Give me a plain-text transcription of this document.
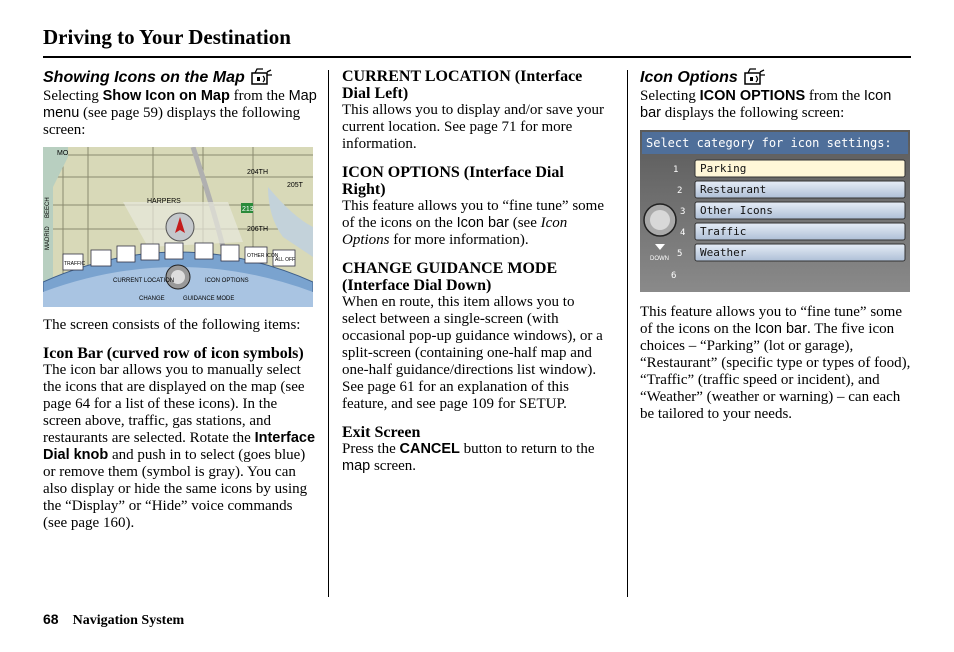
Driving to Your Destination
Showing Icons on the Map

Selecting Show Icon on Map from the Map menu (see page 59) displays the following screen:

213
MO
204TH
205T
HARPERS
206TH
BEECH
MADRID
TRAFFIC
OTHER ICON
ALL OFF
CURRENT LOCATION	ICON OPTIONS
CHANGE	GUIDANCE MODE

The screen consists of the following items:

Icon Bar (curved row of icon symbols)

The icon bar allows you to manually select the icons that are displayed on the map (see page 64 for a list of these icons). In the screen above, traffic, gas stations, and restaurants are selected. Rotate the Interface Dial knob and push in to select (goes blue) or remove them (symbol is gray). You can also display or hide the same icons by using the “Display” or “Hide” voice commands (see page 160).

CURRENT LOCATION (Interface Dial Left)

This allows you to display and/or save your current location. See page 71 for more information.

ICON OPTIONS (Interface Dial Right)

This feature allows you to “fine tune” some of the icons on the Icon bar (see Icon Options for more information).

CHANGE GUIDANCE MODE (Interface Dial Down)

When en route, this item allows you to select between a single-screen (with occasional pop-up guidance windows), or a split-screen (containing one-half map and one-half guidance/directions list window). See page 61 for an explanation of this feature, and see page 109 for SETUP.

Exit Screen

Press the CANCEL button to return to the map screen.

Icon Options

Selecting ICON OPTIONS from the Icon bar displays the following screen:

Select category for icon settings:
Parking
Restaurant
Other Icons
Traffic
Weather
1
2
3
4
5
6
DOWN

This feature allows you to “fine tune” some of the icons on the Icon bar. The five icon choices – “Parking” (lot or garage), “Restaurant” (specific type or types of food), “Traffic” (traffic speed or incident), and “Weather” (weather or warning) – can each be tailored to your needs.

68 Navigation System
